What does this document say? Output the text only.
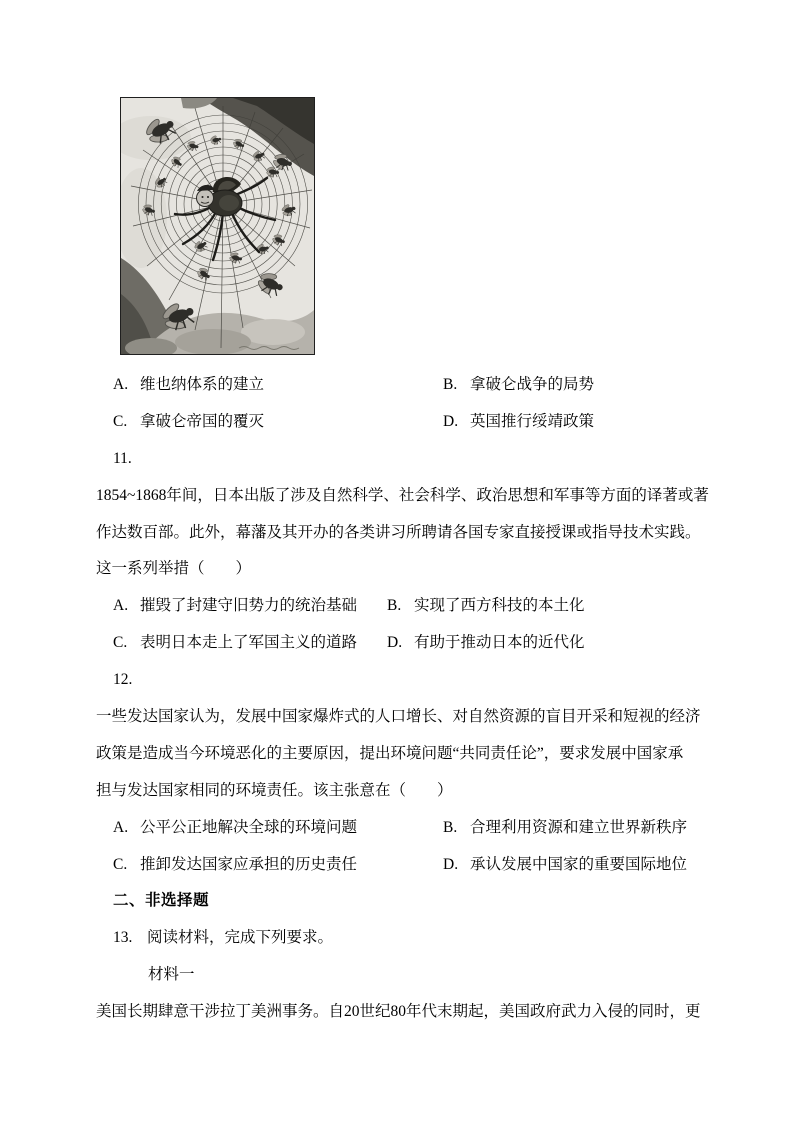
A. 维也纳体系的建立	B. 拿破仑战争的局势
C. 拿破仑帝国的覆灭	D. 英国推行绥靖政策
11.
1854~1868年间，日本出版了涉及自然科学、社会科学、政治思想和军事等方面的译著或著
作达数百部。此外，幕藩及其开办的各类讲习所聘请各国专家直接授课或指导技术实践。
这一系列举措（　　）
A. 摧毁了封建守旧势力的统治基础 B. 实现了西方科技的本土化
C. 表明日本走上了军国主义的道路 D. 有助于推动日本的近代化
12.
一些发达国家认为，发展中国家爆炸式的人口增长、对自然资源的盲目开采和短视的经济
政策是造成当今环境恶化的主要原因，提出环境问题“共同责任论”，要求发展中国家承
担与发达国家相同的环境责任。该主张意在（　　）
A. 公平公正地解决全球的环境问题	B. 合理利用资源和建立世界新秩序
C. 推卸发达国家应承担的历史责任	D. 承认发展中国家的重要国际地位
二、非选择题
13. 阅读材料，完成下列要求。
材料一
美国长期肆意干涉拉丁美洲事务。自20世纪80年代末期起，美国政府武力入侵的同时，更
